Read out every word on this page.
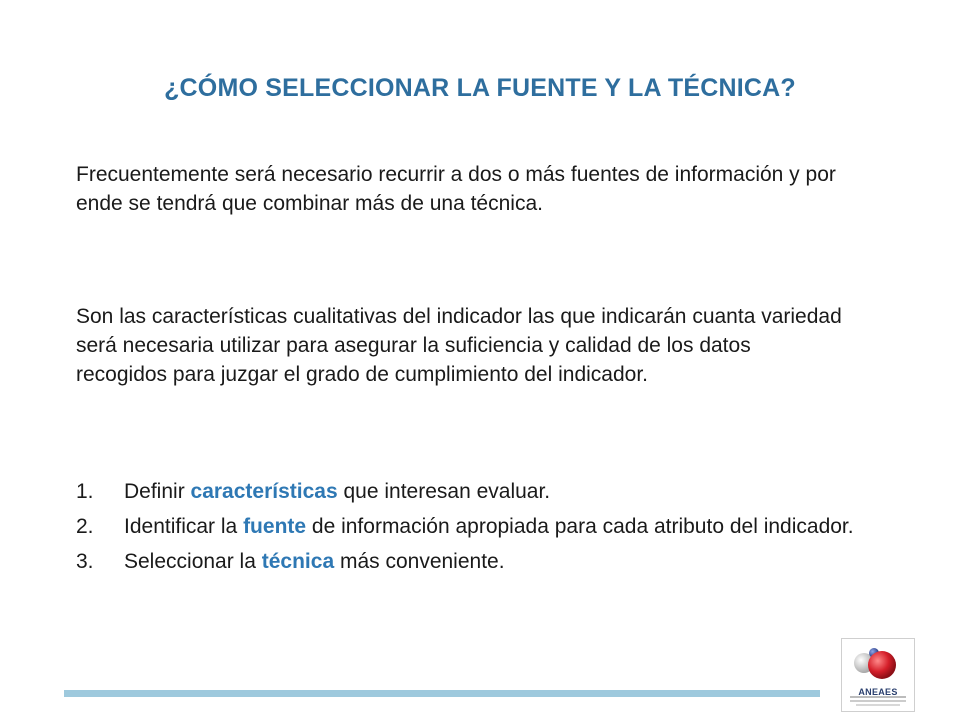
¿CÓMO SELECCIONAR LA FUENTE Y LA TÉCNICA?
Frecuentemente será necesario recurrir a dos o más fuentes de información y por ende se tendrá que combinar más de una técnica.
Son las características cualitativas del indicador las que indicarán cuanta variedad será necesaria utilizar para asegurar la suficiencia y calidad de los datos recogidos para juzgar el grado de cumplimiento del indicador.
1.	Definir características que interesan evaluar.
2.	Identificar la fuente de información apropiada para cada atributo del indicador.
3.	Seleccionar la técnica más conveniente.
ANEAES
